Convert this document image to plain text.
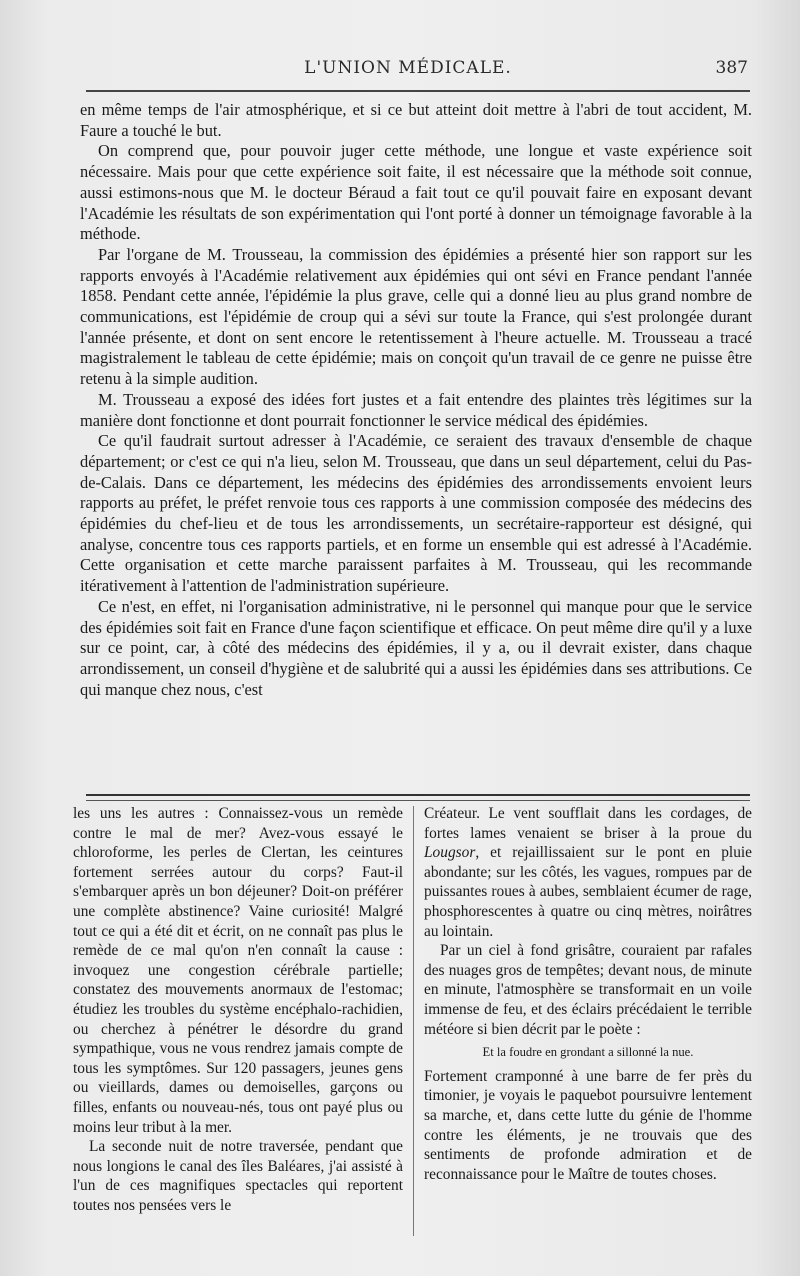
L'UNION MÉDICALE.	387

en même temps de l'air atmosphérique, et si ce but atteint doit mettre à l'abri de tout accident, M. Faure a touché le but.

On comprend que, pour pouvoir juger cette méthode, une longue et vaste expérience soit nécessaire. Mais pour que cette expérience soit faite, il est nécessaire que la méthode soit connue, aussi estimons-nous que M. le docteur Béraud a fait tout ce qu'il pouvait faire en exposant devant l'Académie les résultats de son expérimentation qui l'ont porté à donner un témoignage favorable à la méthode.

Par l'organe de M. Trousseau, la commission des épidémies a présenté hier son rapport sur les rapports envoyés à l'Académie relativement aux épidémies qui ont sévi en France pendant l'année 1858. Pendant cette année, l'épidémie la plus grave, celle qui a donné lieu au plus grand nombre de communications, est l'épidémie de croup qui a sévi sur toute la France, qui s'est prolongée durant l'année présente, et dont on sent encore le retentissement à l'heure actuelle. M. Trousseau a tracé magistralement le tableau de cette épidémie; mais on conçoit qu'un travail de ce genre ne puisse être retenu à la simple audition.

M. Trousseau a exposé des idées fort justes et a fait entendre des plaintes très légitimes sur la manière dont fonctionne et dont pourrait fonctionner le service médical des épidémies.

Ce qu'il faudrait surtout adresser à l'Académie, ce seraient des travaux d'ensemble de chaque département; or c'est ce qui n'a lieu, selon M. Trousseau, que dans un seul département, celui du Pas-de-Calais. Dans ce département, les médecins des épidémies des arrondissements envoient leurs rapports au préfet, le préfet renvoie tous ces rapports à une commission composée des médecins des épidémies du chef-lieu et de tous les arrondissements, un secrétaire-rapporteur est désigné, qui analyse, concentre tous ces rapports partiels, et en forme un ensemble qui est adressé à l'Académie. Cette organisation et cette marche paraissent parfaites à M. Trousseau, qui les recommande itérativement à l'attention de l'administration supérieure.

Ce n'est, en effet, ni l'organisation administrative, ni le personnel qui manque pour que le service des épidémies soit fait en France d'une façon scientifique et efficace. On peut même dire qu'il y a luxe sur ce point, car, à côté des médecins des épidémies, il y a, ou il devrait exister, dans chaque arrondissement, un conseil d'hygiène et de salubrité qui a aussi les épidémies dans ses attributions. Ce qui manque chez nous, c'est

les uns les autres : Connaissez-vous un remède contre le mal de mer? Avez-vous essayé le chloroforme, les perles de Clertan, les ceintures fortement serrées autour du corps? Faut-il s'embarquer après un bon déjeuner? Doit-on préférer une complète abstinence? Vaine curiosité! Malgré tout ce qui a été dit et écrit, on ne connaît pas plus le remède de ce mal qu'on n'en connaît la cause : invoquez une congestion cérébrale partielle; constatez des mouvements anormaux de l'estomac; étudiez les troubles du système encéphalo-rachidien, ou cherchez à pénétrer le désordre du grand sympathique, vous ne vous rendrez jamais compte de tous les symptômes. Sur 120 passagers, jeunes gens ou vieillards, dames ou demoiselles, garçons ou filles, enfants ou nouveau-nés, tous ont payé plus ou moins leur tribut à la mer.

La seconde nuit de notre traversée, pendant que nous longions le canal des îles Baléares, j'ai assisté à l'un de ces magnifiques spectacles qui reportent toutes nos pensées vers le

Créateur. Le vent soufflait dans les cordages, de fortes lames venaient se briser à la proue du Lougsor, et rejaillissaient sur le pont en pluie abondante; sur les côtés, les vagues, rompues par de puissantes roues à aubes, semblaient écumer de rage, phosphorescentes à quatre ou cinq mètres, noirâtres au lointain.

Par un ciel à fond grisâtre, couraient par rafales des nuages gros de tempêtes; devant nous, de minute en minute, l'atmosphère se transformait en un voile immense de feu, et des éclairs précédaient le terrible météore si bien décrit par le poète :

Et la foudre en grondant a sillonné la nue.

Fortement cramponné à une barre de fer près du timonier, je voyais le paquebot poursuivre lentement sa marche, et, dans cette lutte du génie de l'homme contre les éléments, je ne trouvais que des sentiments de profonde admiration et de reconnaissance pour le Maître de toutes choses.
